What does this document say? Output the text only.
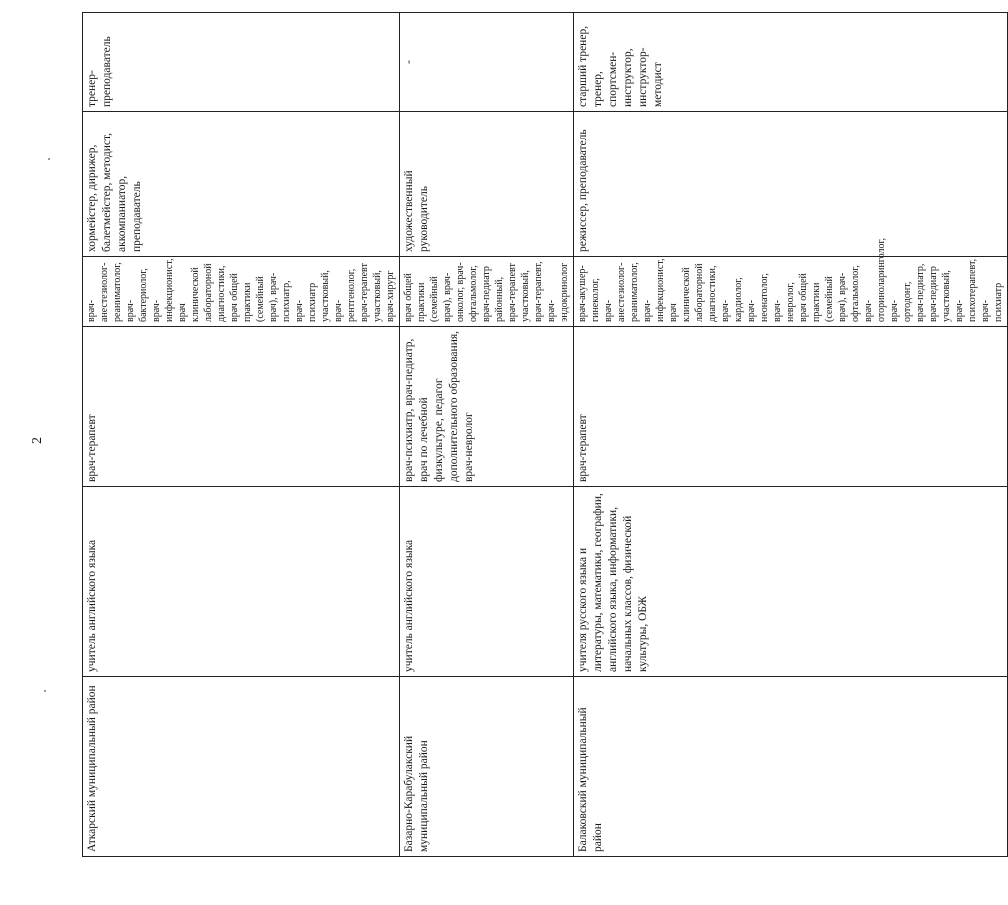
2
Аткарский муниципальный район	учитель английского языка	врач-терапевт	врач-анестезиолог-реаниматолог, врач-бактериолог, врач-инфекционист, врач клинической лабораторной диагностики, врач общей практики (семейный врач), врач-психиатр, врач-психиатр участковый, врач-рентгенолог, врач-терапевт участковый, врач-хирург	хормейстер, дирижер, балетмейстер, методист, аккомпаниатор, преподаватель	тренер-преподаватель

Базарно-Карабулакский муниципальный район	учитель английского языка	врач-психиатр, врач-педиатр, врач по лечебной физкультуре, педагог дополнительного образования, врач-невролог	врач общей практики (семейный врач), врач-онколог, врач-офтальмолог, врач-педиатр районный, врач-терапевт участковый, врач-терапевт, врач-эндокринолог	художественный руководитель	-

Балаковский муниципальный район	учителя русского языка и литературы, математики, географии, английского языка, информатики, начальных классов, физической культуры, ОБЖ	врач-терапевт	врач-акушер-гинеколог, врач-анестезиолог-реаниматолог, врач-инфекционист, врач клинической лабораторной диагностики, врач-кардиолог, врач-неонатолог, врач-невролог, врач общей практики (семейный врач), врач-офтальмолог, врач-оториноларинголог, врач-ортодонт, врач-педиатр, врач-педиатр участковый, врач-психотерапевт, врач-психиатр	режиссер, преподаватель	старший тренер, тренер, спортсмен-инструктор, инструктор-методист
